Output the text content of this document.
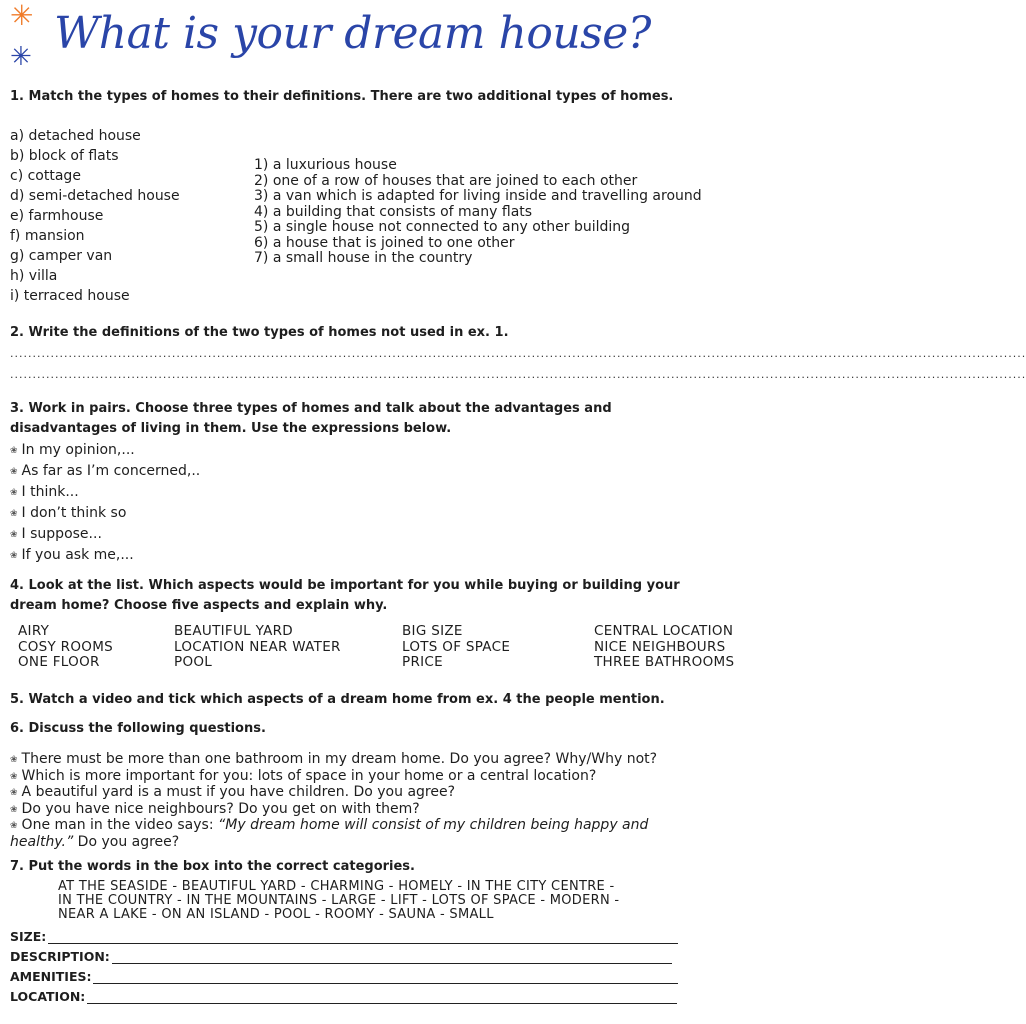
✳
✳ What is your dream house?
1. Match the types of homes to their definitions. There are two additional types of homes.
a) detached house
b) block of flats
c) cottage
d) semi-detached house
e) farmhouse
f) mansion
g) camper van
h) villa
i) terraced house
1) a luxurious house
2) one of a row of houses that are joined to each other
3) a van which is adapted for living inside and travelling around
4) a building that consists of many flats
5) a single house not connected to any other building
6) a house that is joined to one other
7) a small house in the country
2. Write the definitions of the two types of homes not used in ex. 1.
..................................................................................................................................................................................................................................
..................................................................................................................................................................................................................................
3. Work in pairs. Choose three types of homes and talk about the advantages and
disadvantages of living in them. Use the expressions below.
❀ In my opinion,...
❀ As far as I’m concerned,..
❀ I think...
❀ I don’t think so
❀ I suppose...
❀ If you ask me,...
4. Look at the list. Which aspects would be important for you while buying or building your
dream home? Choose five aspects and explain why.
AIRY	BEAUTIFUL YARD	BIG SIZE	CENTRAL LOCATION
COSY ROOMS	LOCATION NEAR WATER	LOTS OF SPACE	NICE NEIGHBOURS
ONE FLOOR	POOL	PRICE	THREE BATHROOMS
5. Watch a video and tick which aspects of a dream home from ex. 4 the people mention.
6. Discuss the following questions.
❀ There must be more than one bathroom in my dream home. Do you agree? Why/Why not?
❀ Which is more important for you: lots of space in your home or a central location?
❀ A beautiful yard is a must if you have children. Do you agree?
❀ Do you have nice neighbours? Do you get on with them?
❀ One man in the video says: “My dream home will consist of my children being happy and
healthy.” Do you agree?
7. Put the words in the box into the correct categories.
AT THE SEASIDE - BEAUTIFUL YARD - CHARMING - HOMELY - IN THE CITY CENTRE -
IN THE COUNTRY - IN THE MOUNTAINS - LARGE - LIFT - LOTS OF SPACE - MODERN -
NEAR A LAKE - ON AN ISLAND - POOL - ROOMY - SAUNA - SMALL
SIZE:
DESCRIPTION:
AMENITIES:
LOCATION:
